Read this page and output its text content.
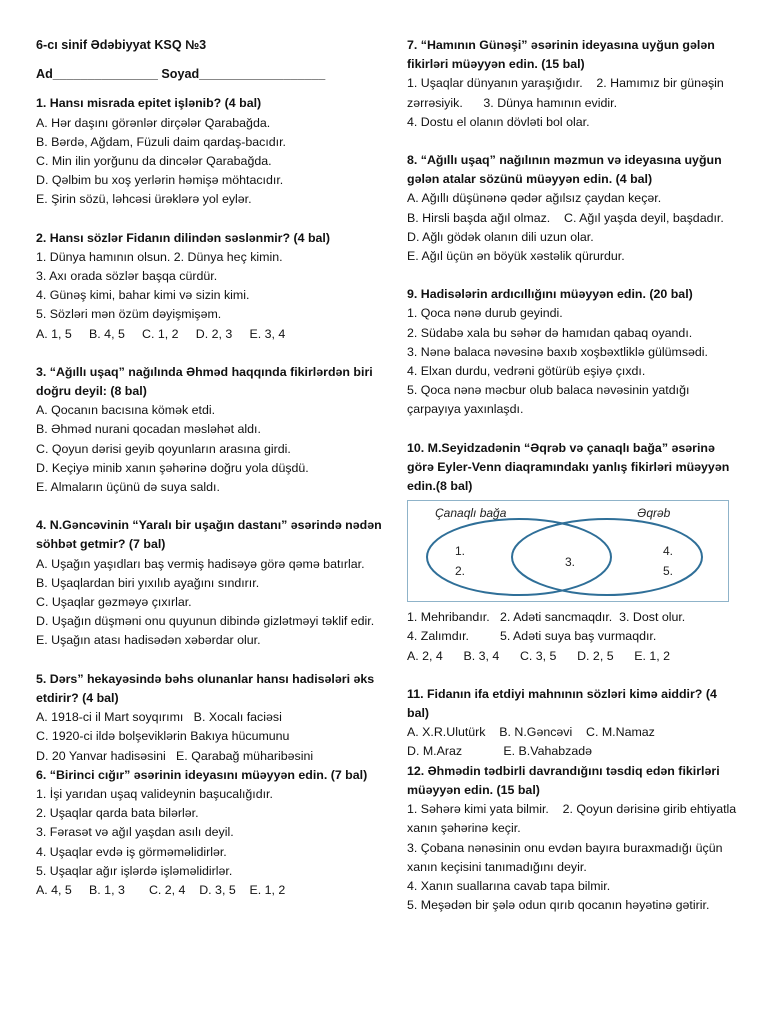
6-cı sinif Ədəbiyyat KSQ №3
Ad_______________ Soyad__________________
1. Hansı misrada epitet işlənib? (4 bal)
A. Hər daşını görənlər dirçələr Qarabağda.
B. Bərdə, Ağdam, Füzuli daim qardaş-bacıdır.
C. Min ilin yorğunu da dincələr Qarabağda.
D. Qəlbim bu xoş yerlərin həmişə möhtacıdır.
E. Şirin sözü, ləhcəsi ürəklərə yol eylər.
2. Hansı sözlər Fidanın dilindən səslənmir? (4 bal)
1. Dünya hamının olsun. 2. Dünya heç kimin.
3. Axı orada sözlər başqa cürdür.
4. Günəş kimi, bahar kimi və sizin kimi.
5. Sözləri mən özüm dəyişmişəm.
A. 1, 5     B. 4, 5     C. 1, 2     D. 2, 3     E. 3, 4
3. “Ağıllı uşaq” nağılında Əhməd haqqında fikirlərdən biri doğru deyil: (8 bal)
A. Qocanın bacısına kömək etdi.
B. Əhməd nurani qocadan məsləhət aldı.
C. Qoyun dərisi geyib qoyunların arasına girdi.
D. Keçiyə minib xanın şəhərinə doğru yola düşdü.
E. Almaların üçünü də suya saldı.
4. N.Gəncəvinin “Yaralı bir uşağın dastanı” əsərində nədən söhbət getmir? (7 bal)
A. Uşağın yaşıdları baş vermiş hadisəyə görə qəmə batırlar.
B. Uşaqlardan biri yıxılıb ayağını sındırır.
C. Uşaqlar gəzməyə çıxırlar.
D. Uşağın düşməni onu quyunun dibində gizlətməyi təklif edir.
E. Uşağın atası hadisədən xəbərdar olur.
5. Dərs” hekayəsində bəhs olunanlar hansı hadisələri əks etdirir? (4 bal)
A. 1918-ci il Mart soyqırımı   B. Xocalı faciəsi
C. 1920-ci ildə bolşeviklərin Bakıya hücumunu
D. 20 Yanvar hadisəsini   E. Qarabağ müharibəsini
6. “Birinci cığır” əsərinin ideyasını müəyyən edin. (7 bal)
1. İşi yarıdan uşaq valideynin başucalığıdır.
2. Uşaqlar qarda bata bilərlər.
3. Fərasət və ağıl yaşdan asılı deyil.
4. Uşaqlar evdə iş görməməlidirlər.
5. Uşaqlar ağır işlərdə işləməlidirlər.
A. 4, 5     B. 1, 3       C. 2, 4    D. 3, 5    E. 1, 2
7. “Hamının Günəşi” əsərinin ideyasına uyğun gələn fikirləri müəyyən edin. (15 bal)
1. Uşaqlar dünyanın yaraşığıdır.    2. Hamımız bir günəşin zərrəsiyik.      3. Dünya hamının evidir.
4. Dostu el olanın dövləti bol olar.
8. “Ağıllı uşaq” nağılının məzmun və ideyasına uyğun gələn atalar sözünü müəyyən edin. (4 bal)
A. Ağıllı düşünənə qədər ağılsız çaydan keçər.
B. Hirsli başda ağıl olmaz.    C. Ağıl yaşda deyil, başdadır.     D. Ağlı gödək olanın dili uzun olar.
E. Ağıl üçün ən böyük xəstəlik qürurdur.
9. Hadisələrin ardıcıllığını müəyyən edin. (20 bal)
1. Qoca nənə durub geyindi.
2. Südabə xala bu səhər də hamıdan qabaq oyandı.
3. Nənə balaca nəvəsinə baxıb xoşbəxtliklə gülümsədi.
4. Elxan durdu, vedrəni götürüb eşiyə çıxdı.
5. Qoca nənə məcbur olub balaca nəvəsinin yatdığı çarpayıya yaxınlaşdı.
10. M.Seyidzadənin “Əqrəb və çanaqlı bağa” əsərinə görə Eyler-Venn diaqramındakı yanlış fikirləri müəyyən edin.(8 bal)
Çanaqlı bağa	Əqrəb
1.
2.
3.
4.
5.
1. Mehribandır.   2. Adəti sancmaqdır.  3. Dost olur.
4. Zalımdır.         5. Adəti suya baş vurmaqdır.
A. 2, 4      B. 3, 4      C. 3, 5      D. 2, 5      E. 1, 2
11. Fidanın ifa etdiyi mahnının sözləri kimə aiddir? (4 bal)
A. X.R.Ulutürk    B. N.Gəncəvi    C. M.Namaz
D. M.Araz            E. B.Vahabzadə
12. Əhmədin tədbirli davrandığını təsdiq edən fikirləri müəyyən edin. (15 bal)
1. Səhərə kimi yata bilmir.    2. Qoyun dərisinə girib ehtiyatla xanın şəhərinə keçir.
3. Çobana nənəsinin onu evdən bayıra buraxmadığı üçün xanın keçisini tanımadığını deyir.
4. Xanın suallarına cavab tapa bilmir.
5. Meşədən bir şələ odun qırıb qocanın həyətinə gətirir.
